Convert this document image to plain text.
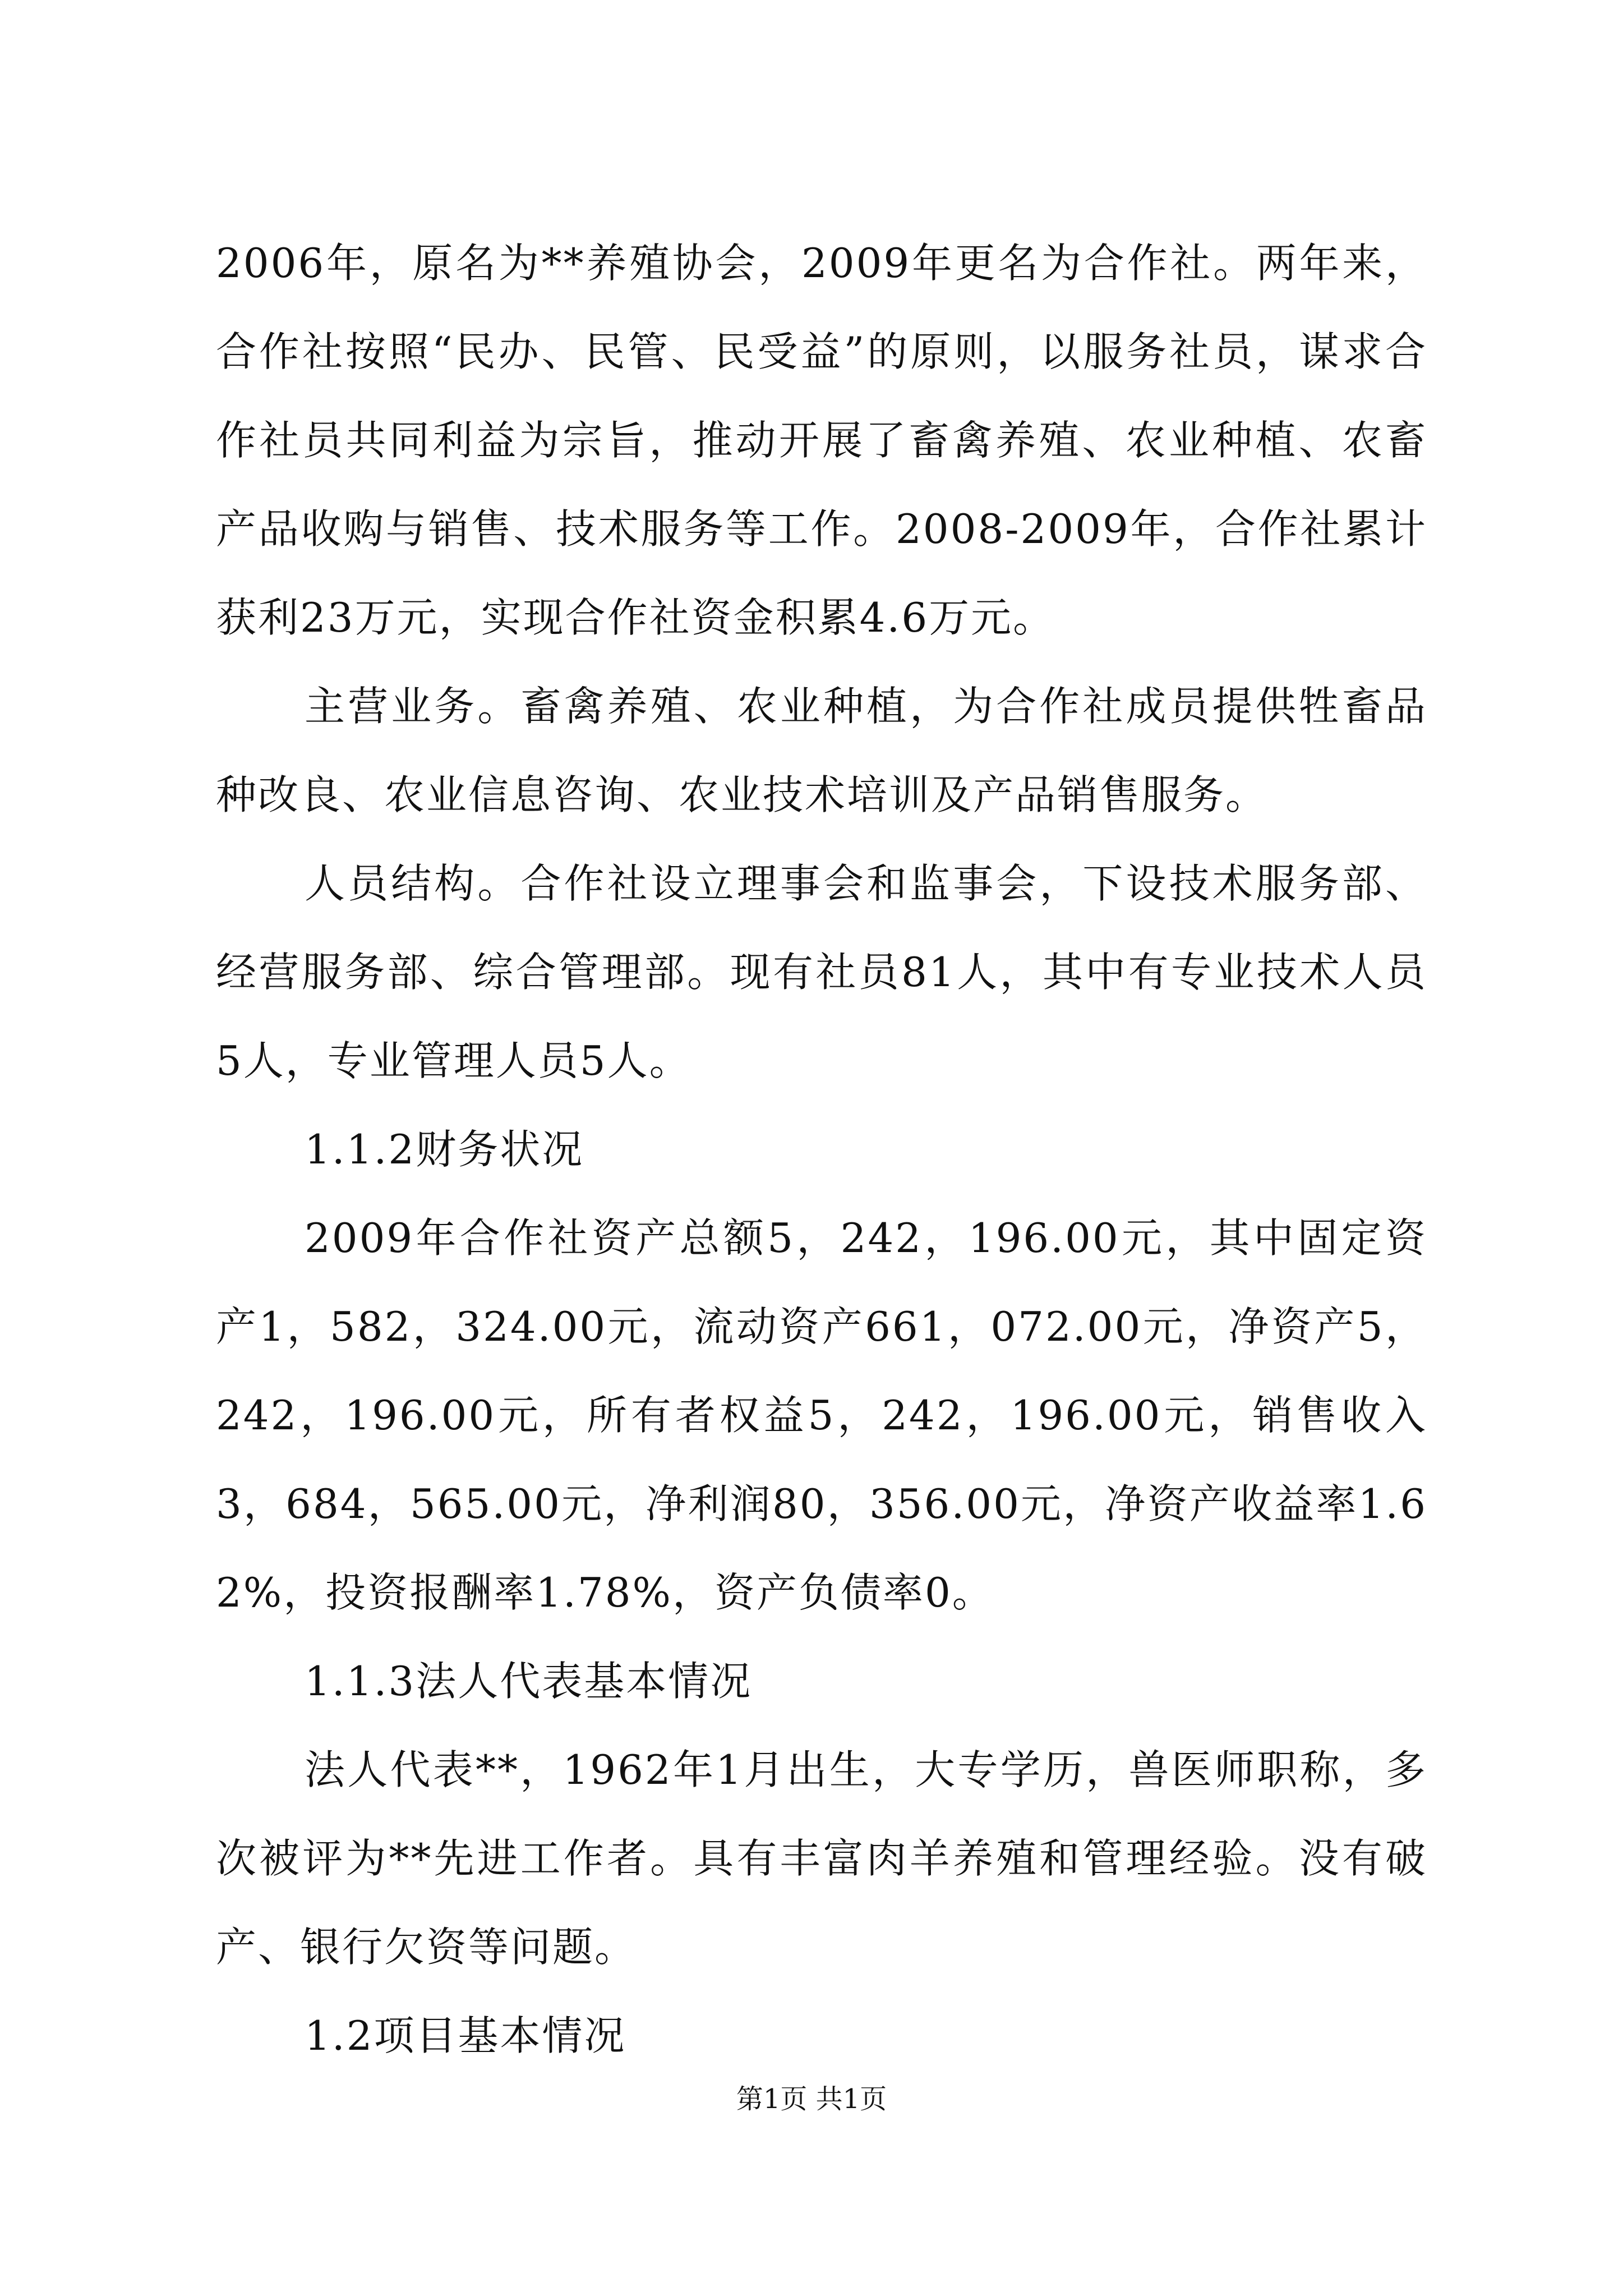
2006年，原名为**养殖协会，2009年更名为合作社。两年来，合作社按照“民办、民管、民受益”的原则，以服务社员，谋求合作社员共同利益为宗旨，推动开展了畜禽养殖、农业种植、农畜产品收购与销售、技术服务等工作。2008-2009年，合作社累计获利23万元，实现合作社资金积累4.6万元。

主营业务。畜禽养殖、农业种植，为合作社成员提供牲畜品种改良、农业信息咨询、农业技术培训及产品销售服务。

人员结构。合作社设立理事会和监事会，下设技术服务部、经营服务部、综合管理部。现有社员81人，其中有专业技术人员5人，专业管理人员5人。

1.1.2财务状况

2009年合作社资产总额5，242，196.00元，其中固定资产1，582，324.00元，流动资产661，072.00元，净资产5，242，196.00元，所有者权益5，242，196.00元，销售收入3，684，565.00元，净利润80，356.00元，净资产收益率1.62%，投资报酬率1.78%，资产负债率0。

1.1.3法人代表基本情况

法人代表**，1962年1月出生，大专学历，兽医师职称，多次被评为**先进工作者。具有丰富肉羊养殖和管理经验。没有破产、银行欠资等问题。

1.2项目基本情况

第1页 共1页
